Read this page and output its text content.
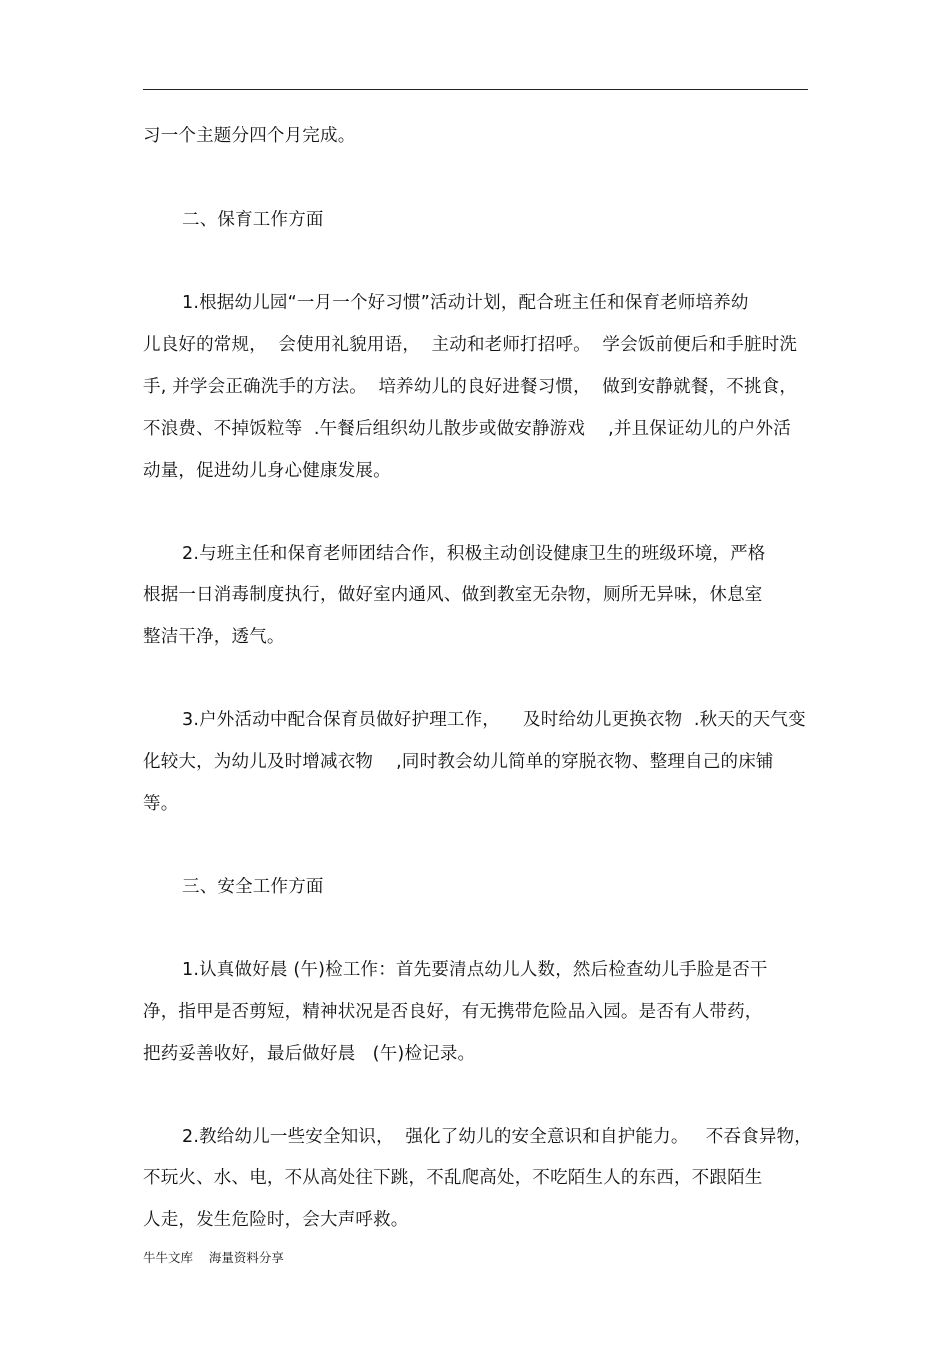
习一个主题分四个月完成。
二、保育工作方面
1.根据幼儿园“一月一个好习惯”活动计划，配合班主任和保育老师培养幼
儿良好的常规，  会使用礼貌用语，  主动和老师打招呼。  学会饭前便后和手脏时洗
手, 并学会正确洗手的方法。  培养幼儿的良好进餐习惯，  做到安静就餐，不挑食，
不浪费、不掉饭粒等  .午餐后组织幼儿散步或做安静游戏    ,并且保证幼儿的户外活
动量，促进幼儿身心健康发展。
2.与班主任和保育老师团结合作，积极主动创设健康卫生的班级环境，严格
根据一日消毒制度执行，做好室内通风、做到教室无杂物，厕所无异味，休息室
整洁干净，透气。
3.户外活动中配合保育员做好护理工作，    及时给幼儿更换衣物  .秋天的天气变
化较大，为幼儿及时增减衣物    ,同时教会幼儿简单的穿脱衣物、整理自己的床铺
等。
三、安全工作方面
1.认真做好晨 (午)检工作：首先要清点幼儿人数，然后检查幼儿手脸是否干
净，指甲是否剪短，精神状况是否良好，有无携带危险品入园。是否有人带药，
把药妥善收好，最后做好晨   (午)检记录。
2.教给幼儿一些安全知识，  强化了幼儿的安全意识和自护能力。   不吞食异物，
不玩火、水、电，不从高处往下跳，不乱爬高处，不吃陌生人的东西，不跟陌生
人走，发生危险时，会大声呼救。
牛牛文库    海量资料分享
